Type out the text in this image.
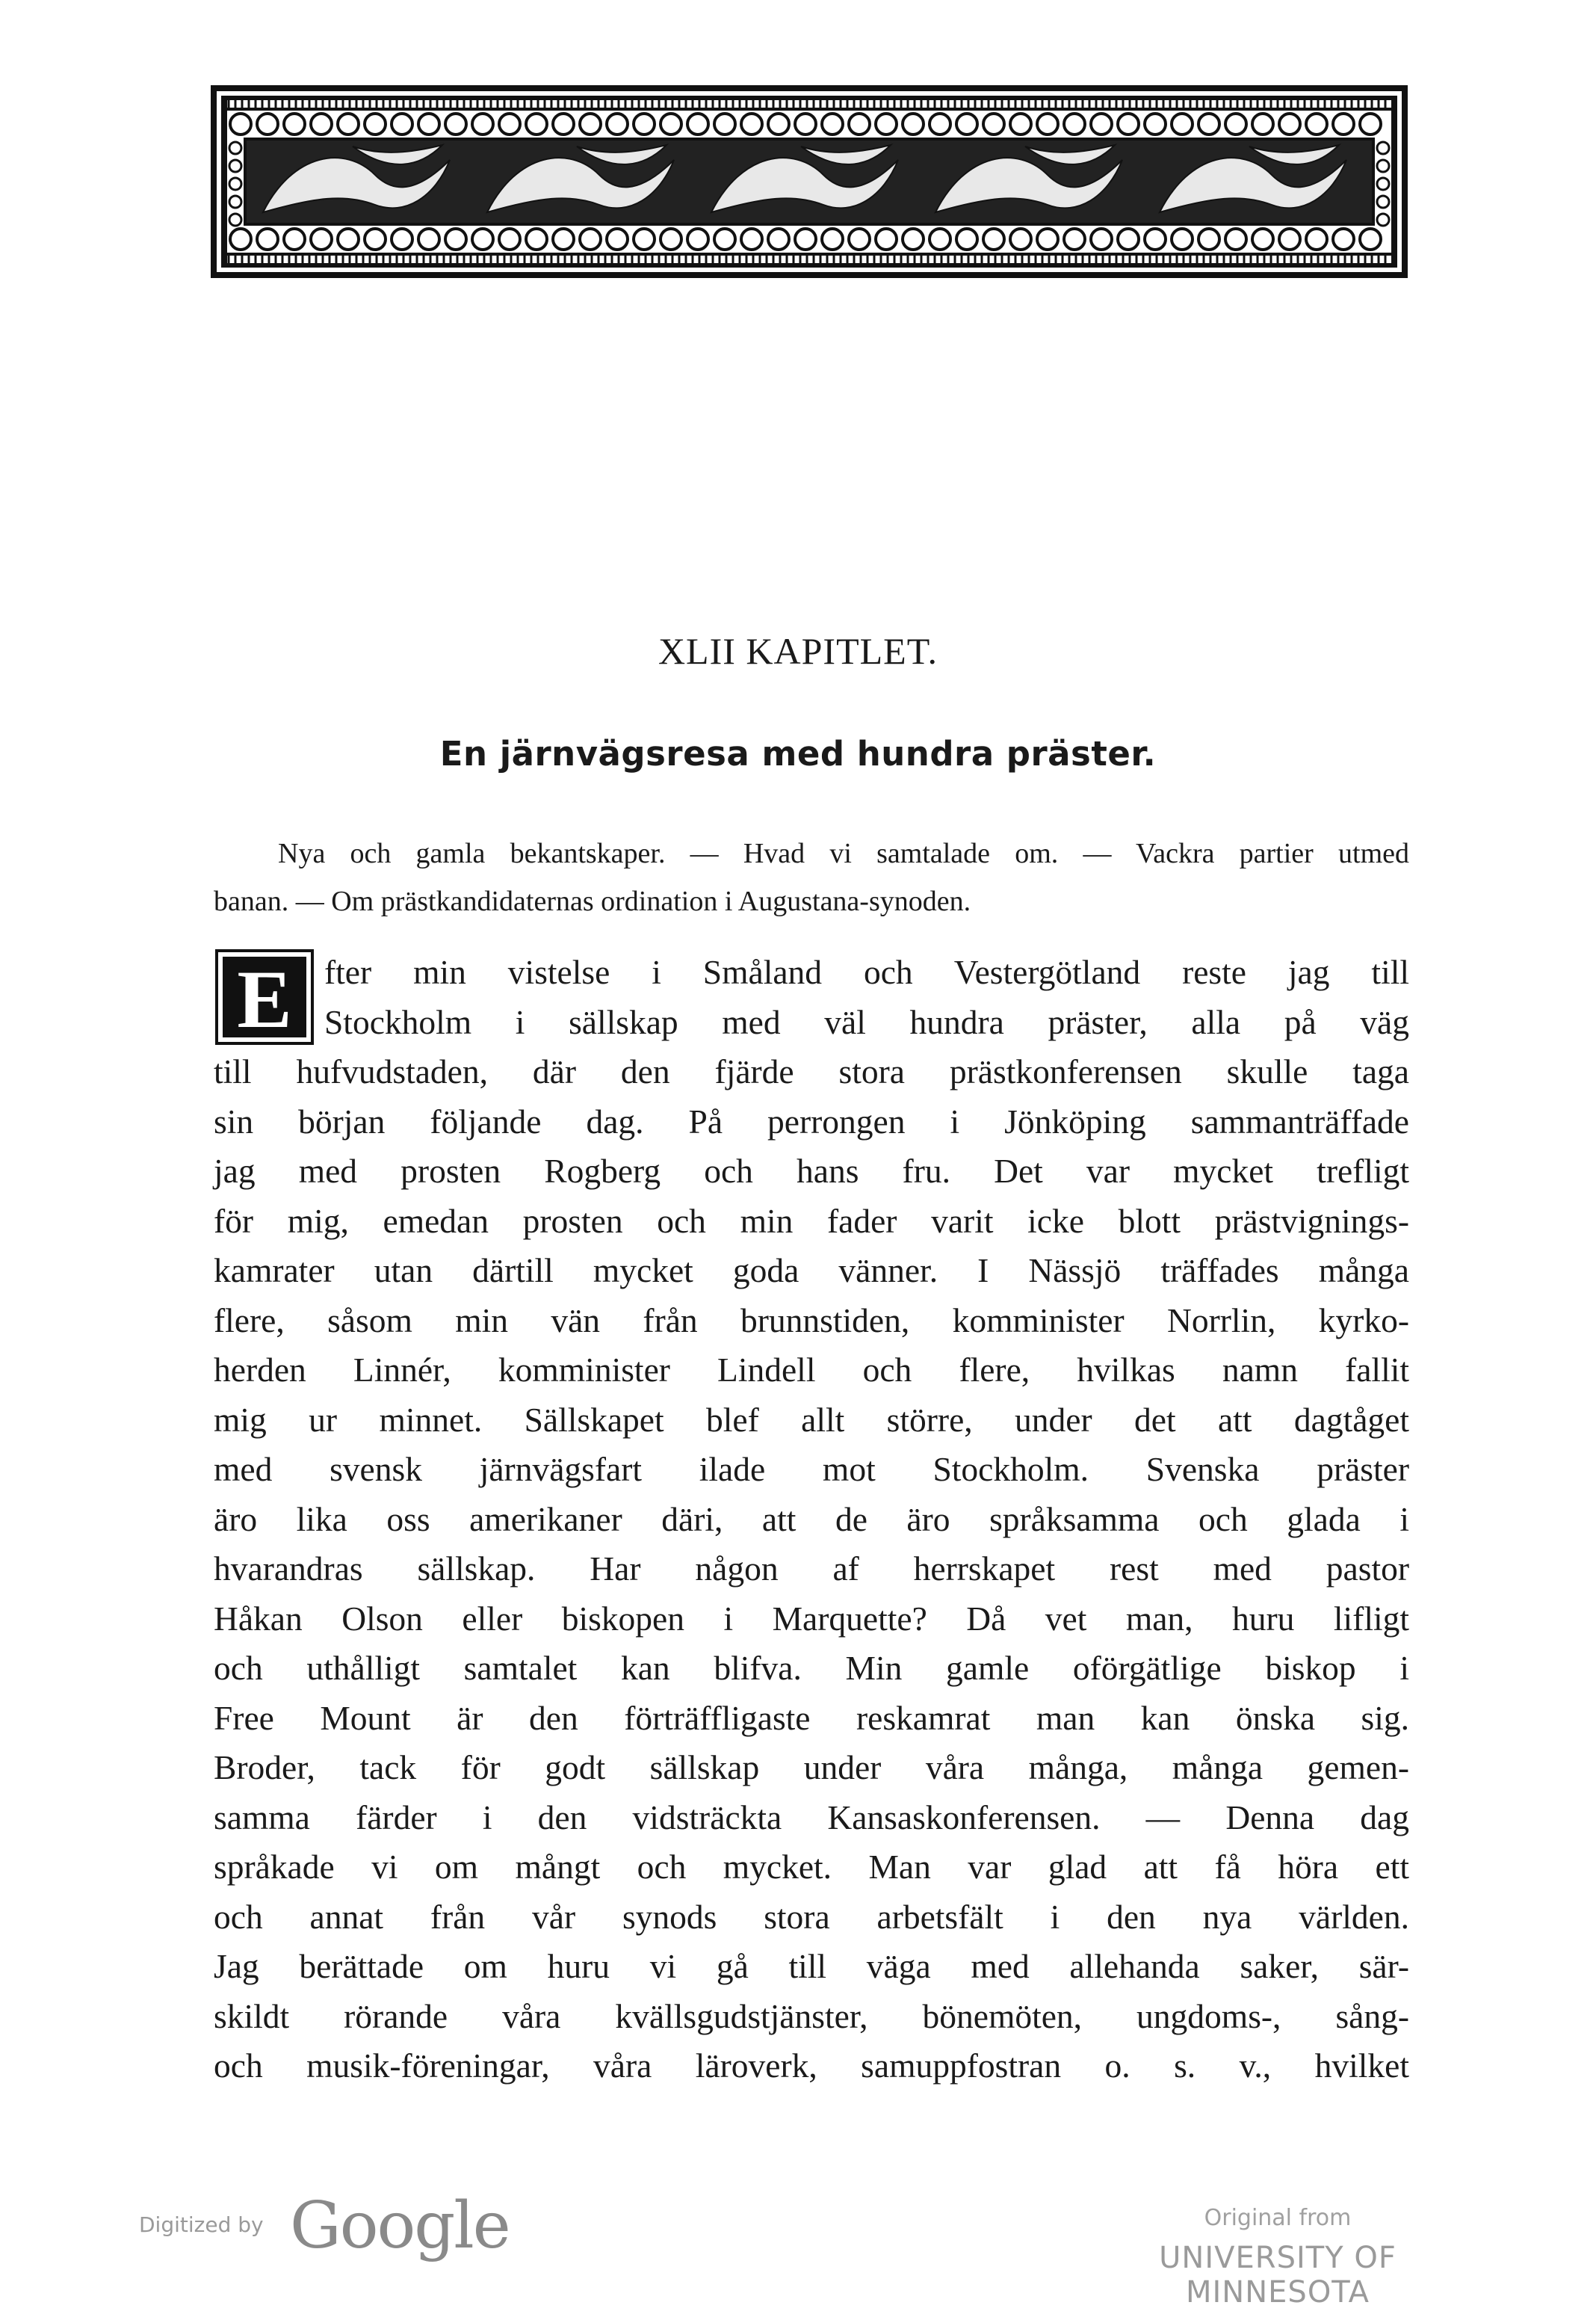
XLII KAPITLET.
En järnvägsresa med hundra präster.
Nya och gamla bekantskaper. — Hvad vi samtalade om. — Vackra partier utmed
banan. — Om prästkandidaternas ordination i Augustana-synoden.
E fter min vistelse i Småland och Vestergötland reste jag till
Stockholm i sällskap med väl hundra präster, alla på väg
till hufvudstaden, där den fjärde stora prästkonferensen skulle taga
sin början följande dag. På perrongen i Jönköping sammanträffade
jag med prosten Rogberg och hans fru. Det var mycket trefligt
för mig, emedan prosten och min fader varit icke blott prästvignings-
kamrater utan därtill mycket goda vänner. I Nässjö träffades många
flere, såsom min vän från brunnstiden, komminister Norrlin, kyrko-
herden Linnér, komminister Lindell och flere, hvilkas namn fallit
mig ur minnet. Sällskapet blef allt större, under det att dagtåget
med svensk järnvägsfart ilade mot Stockholm. Svenska präster
äro lika oss amerikaner däri, att de äro språksamma och glada i
hvarandras sällskap. Har någon af herrskapet rest med pastor
Håkan Olson eller biskopen i Marquette? Då vet man, huru lifligt
och uthålligt samtalet kan blifva. Min gamle oförgätlige biskop i
Free Mount är den förträffligaste reskamrat man kan önska sig.
Broder, tack för godt sällskap under våra många, många gemen-
samma färder i den vidsträckta Kansaskonferensen. — Denna dag
språkade vi om mångt och mycket. Man var glad att få höra ett
och annat från vår synods stora arbetsfält i den nya världen.
Jag berättade om huru vi gå till väga med allehanda saker, sär-
skildt rörande våra kvällsgudstjänster, bönemöten, ungdoms-, sång-
och musik-föreningar, våra läroverk, samuppfostran o. s. v., hvilket
Digitized by Google	Original from
UNIVERSITY OF MINNESOTA
